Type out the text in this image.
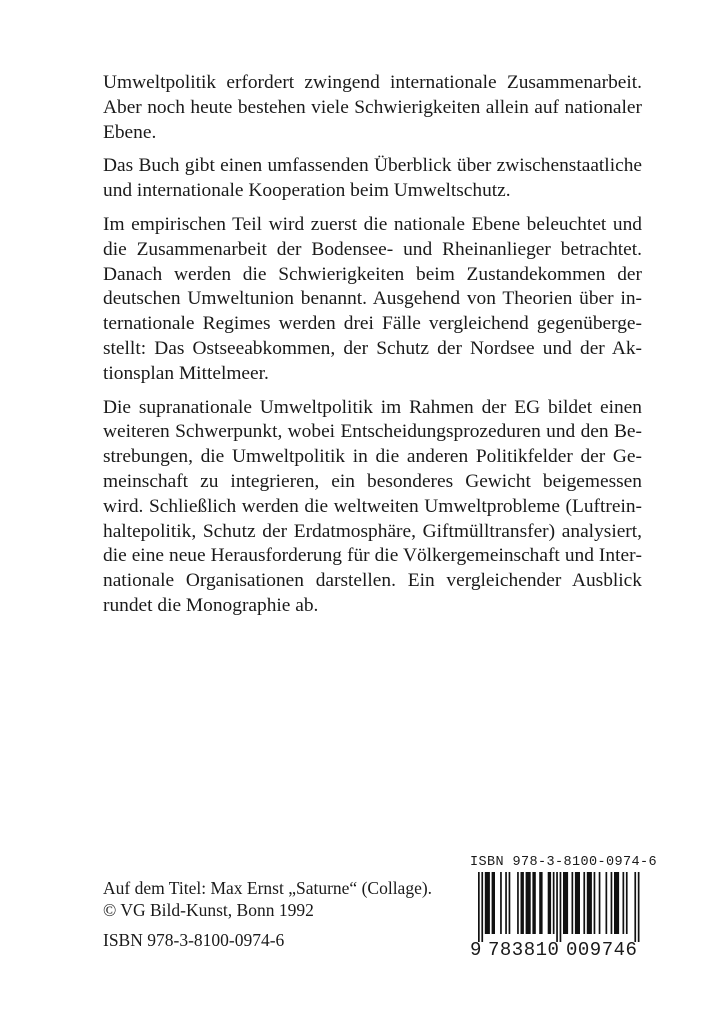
Umweltpolitik erfordert zwingend internationale Zusammenarbeit. Aber noch heute bestehen viele Schwierigkeiten allein auf nationaler Ebene.

Das Buch gibt einen umfassenden Überblick über zwischenstaatliche und internationale Kooperation beim Umweltschutz.

Im empirischen Teil wird zuerst die nationale Ebene beleuchtet und die Zusammenarbeit der Bodensee- und Rheinanlieger betrachtet. Danach werden die Schwierigkeiten beim Zustandekommen der deutschen Umweltunion benannt. Ausgehend von Theorien über internationale Regimes werden drei Fälle vergleichend gegenübergestellt: Das Ostseeabkommen, der Schutz der Nordsee und der Aktionsplan Mittelmeer.

Die supranationale Umweltpolitik im Rahmen der EG bildet einen weiteren Schwerpunkt, wobei Entscheidungsprozeduren und den Bestrebungen, die Umweltpolitik in die anderen Politikfelder der Gemeinschaft zu integrieren, ein besonderes Gewicht beigemessen wird. Schließlich werden die weltweiten Umweltprobleme (Luftreinhaltepolitik, Schutz der Erdatmosphäre, Giftmülltransfer) analysiert, die eine neue Herausforderung für die Völkergemeinschaft und Internationale Organisationen darstellen. Ein vergleichender Ausblick rundet die Monographie ab.

Auf dem Titel: Max Ernst „Saturne“ (Collage).
© VG Bild-Kunst, Bonn 1992
ISBN 978-3-8100-0974-6
ISBN 978-3-8100-0974-6
9 783810 009746
